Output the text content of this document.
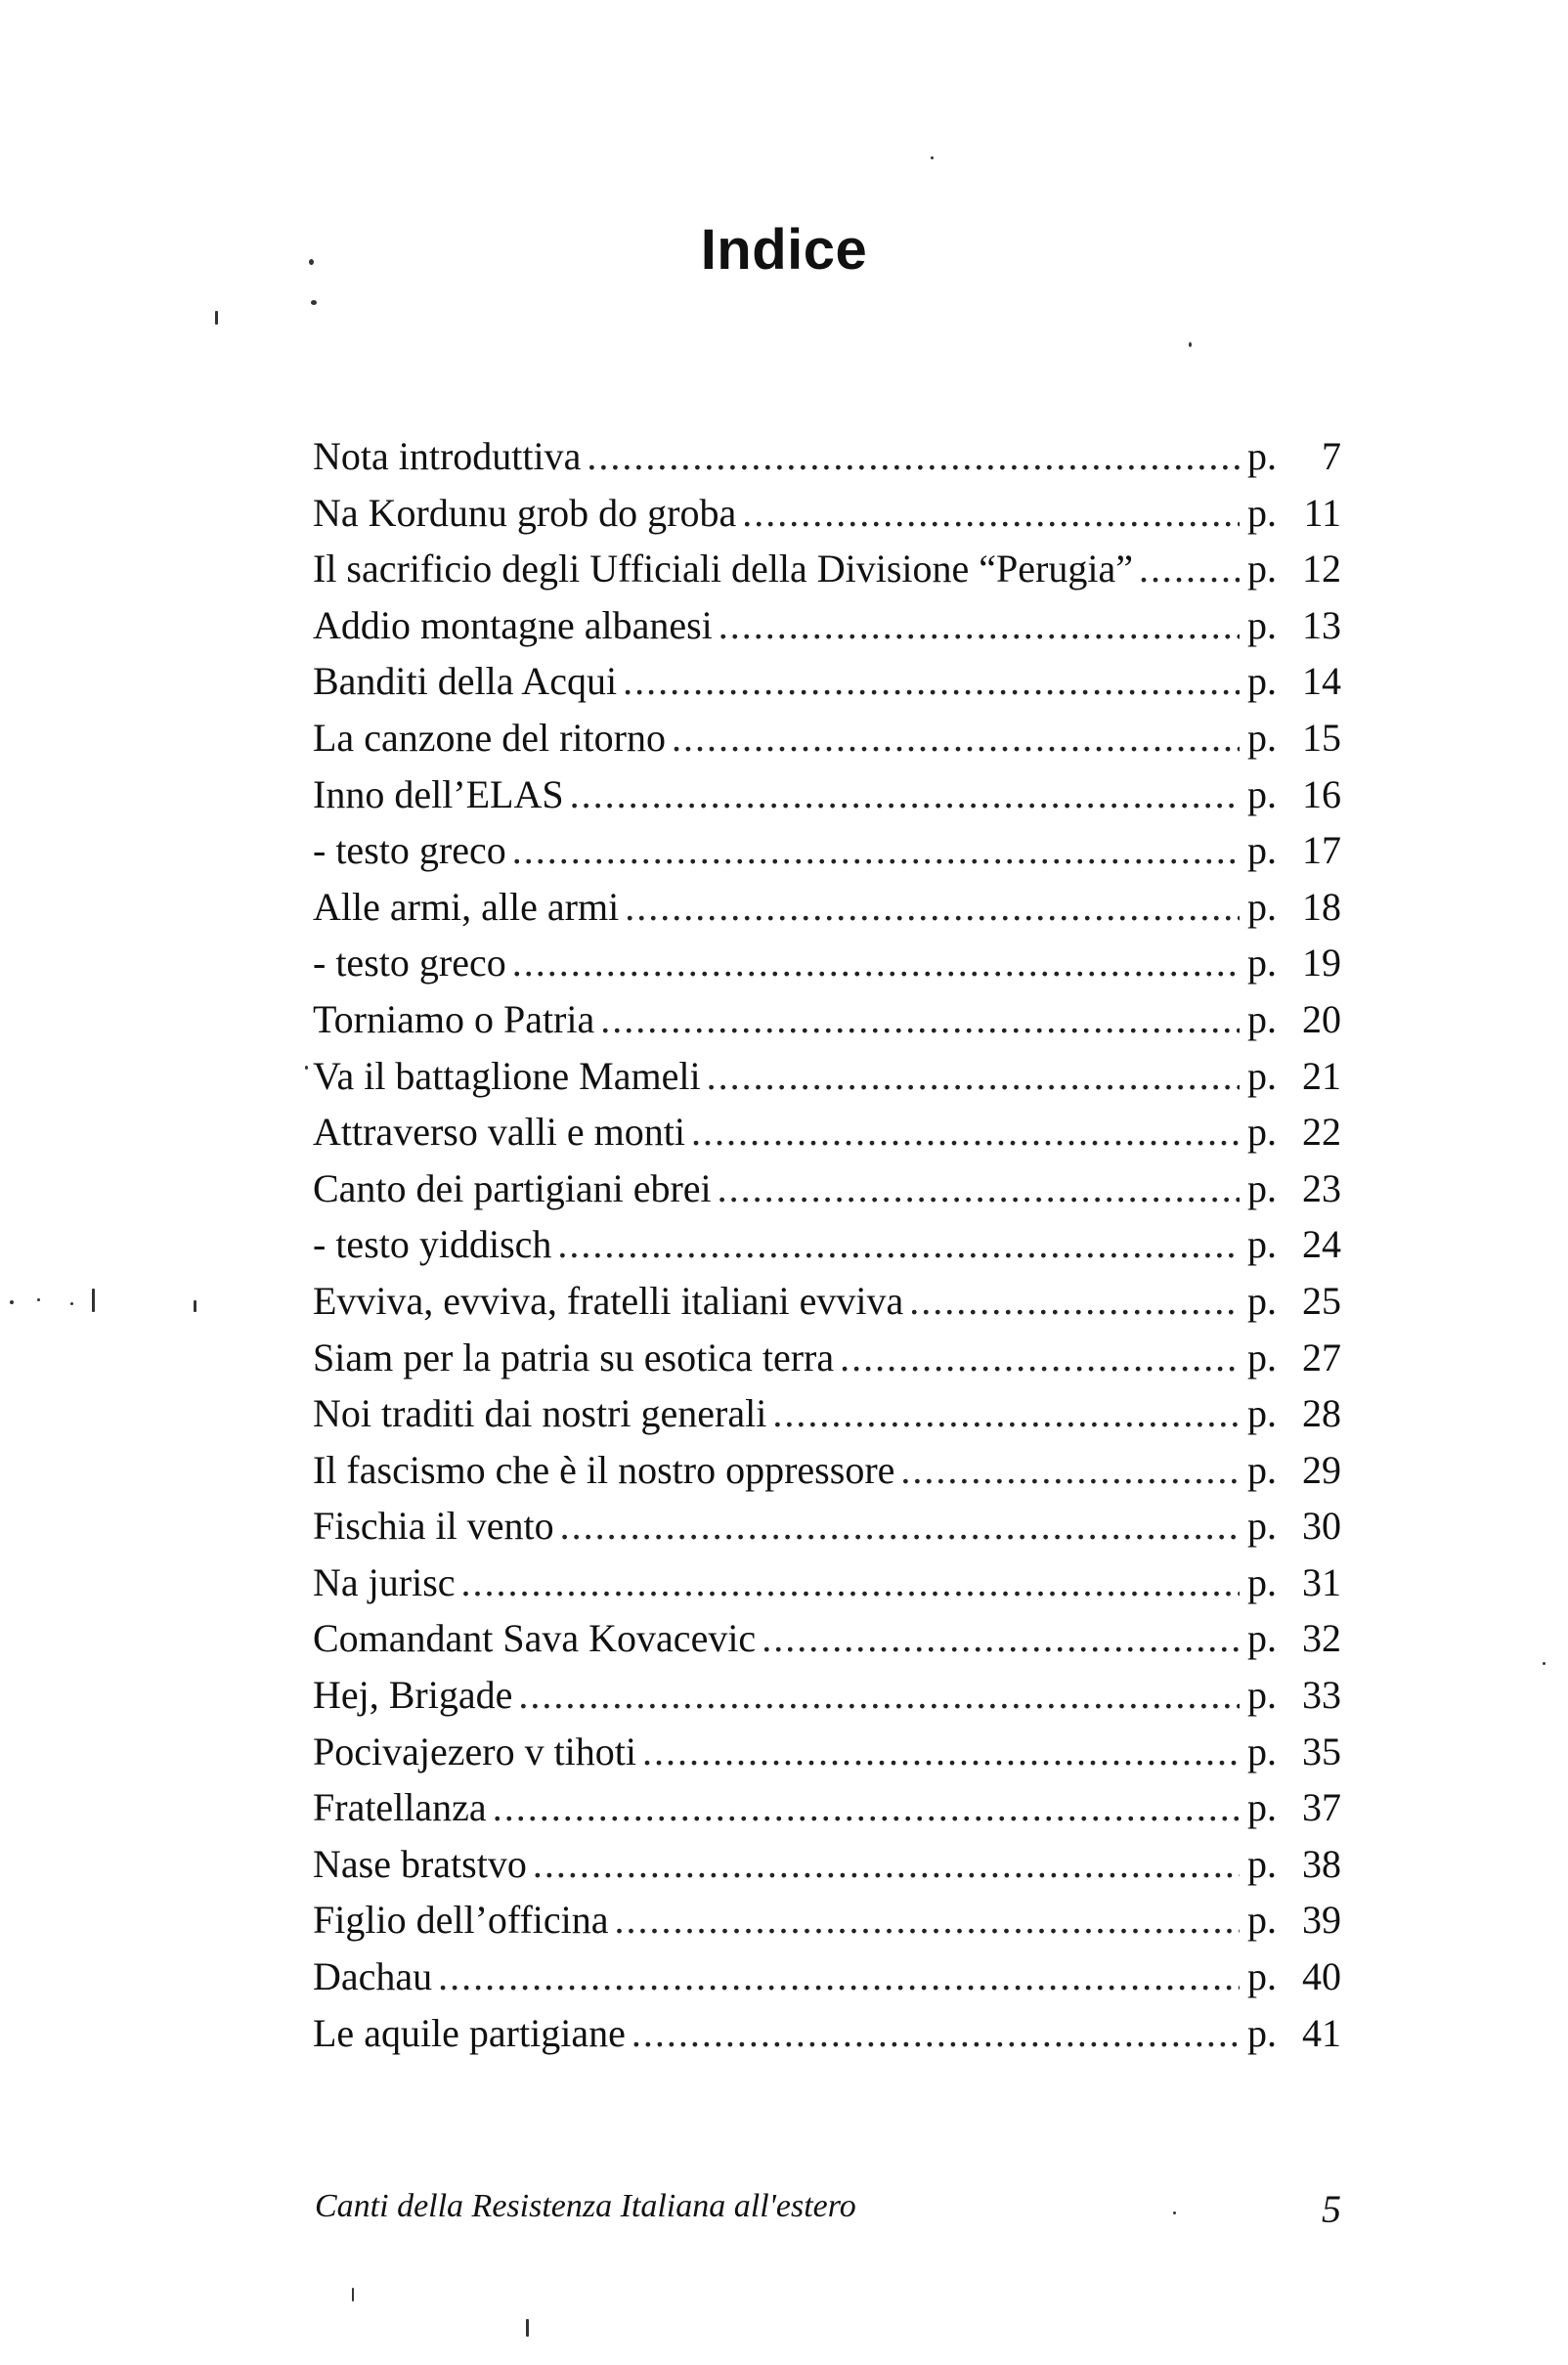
Indice
Nota introduttiva .....	p. 7
Na Kordunu grob do groba .....	p. 11
Il sacrificio degli Ufficiali della Divisione “Perugia” .....	p. 12
Addio montagne albanesi .....	p. 13
Banditi della Acqui .....	p. 14
La canzone del ritorno .....	p. 15
Inno dell’ELAS .....	p. 16
- testo greco .....	p. 17
Alle armi, alle armi .....	p. 18
- testo greco .....	p. 19
Torniamo o Patria .....	p. 20
Va il battaglione Mameli .....	p. 21
Attraverso valli e monti .....	p. 22
Canto dei partigiani ebrei .....	p. 23
- testo yiddisch .....	p. 24
Evviva, evviva, fratelli italiani evviva .....	p. 25
Siam per la patria su esotica terra .....	p. 27
Noi traditi dai nostri generali .....	p. 28
Il fascismo che è il nostro oppressore .....	p. 29
Fischia il vento .....	p. 30
Na jurisc .....	p. 31
Comandant Sava Kovacevic .....	p. 32
Hej, Brigade .....	p. 33
Pocivajezero v tihoti .....	p. 35
Fratellanza .....	p. 37
Nase bratstvo .....	p. 38
Figlio dell’officina .....	p. 39
Dachau .....	p. 40
Le aquile partigiane .....	p. 41

Canti della Resistenza Italiana all'estero	5
